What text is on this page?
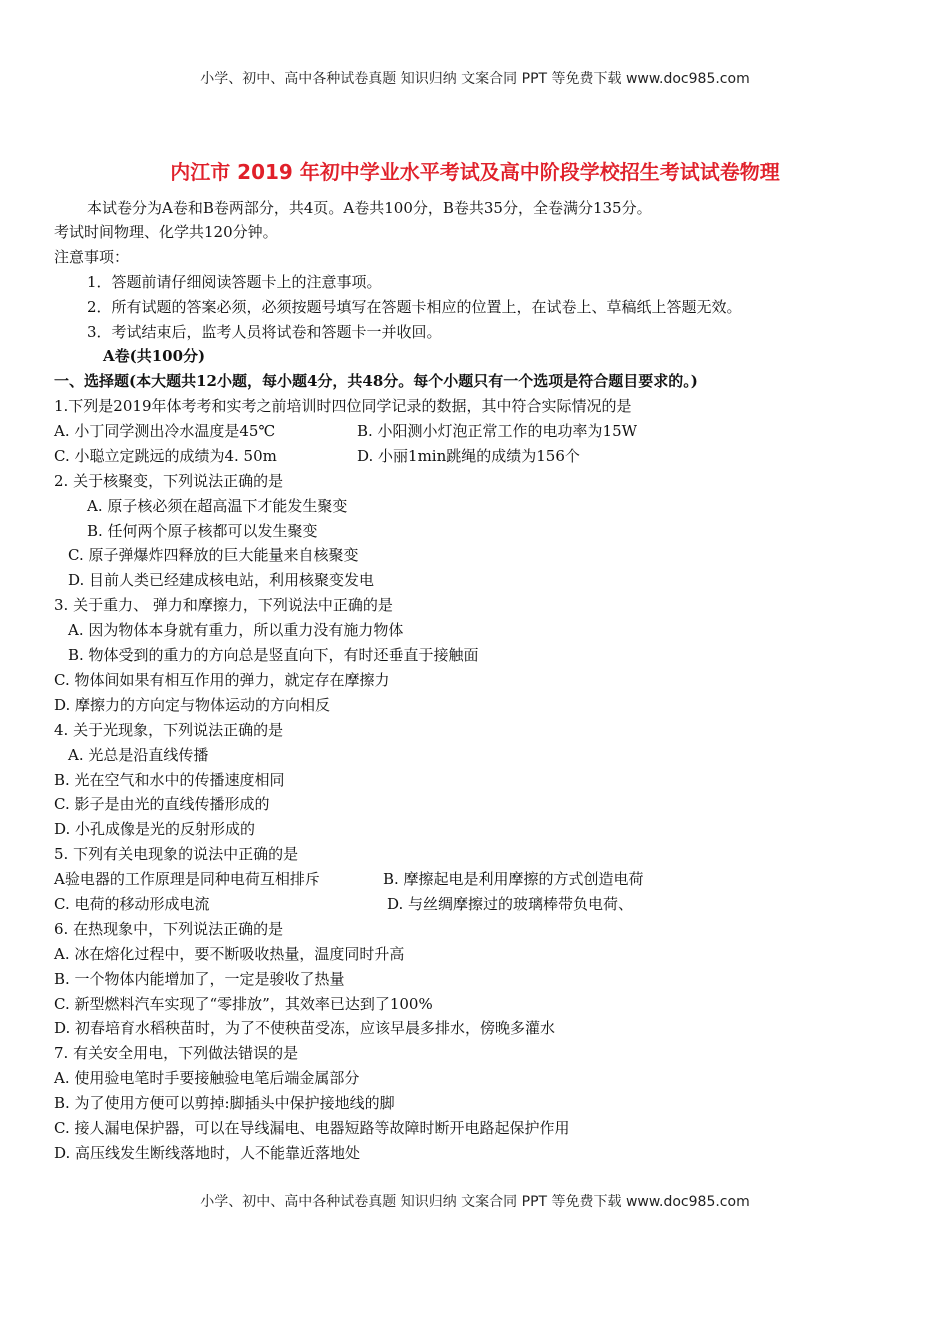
小学、初中、高中各种试卷真题 知识归纳 文案合同 PPT 等免费下载 www.doc985.com
内江市 2019 年初中学业水平考试及高中阶段学校招生考试试卷物理
本试卷分为A卷和B卷两部分，共4页。A卷共100分，B卷共35分，全卷满分135分。
考试时间物理、化学共120分钟。
注意事项：
1．答题前请仔细阅读答题卡上的注意事项。
2．所有试题的答案必须，必须按题号填写在答题卡相应的位置上，在试卷上、草稿纸上答题无效。
3．考试结束后，监考人员将试卷和答题卡一并收回。
A卷(共100分)
一、选择题(本大题共12小题，每小题4分，共48分。每个小题只有一个选项是符合题目要求的。)
1.下列是2019年体考考和实考之前培训时四位同学记录的数据，其中符合实际情况的是
A. 小丁同学测出冷水温度是45℃	B. 小阳测小灯泡正常工作的电功率为15W
C. 小聪立定跳远的成绩为4. 50m	D. 小丽1min跳绳的成绩为156个
2. 关于核聚变，下列说法正确的是
A. 原子核必须在超高温下才能发生聚变
B. 任何两个原子核都可以发生聚变
C. 原子弹爆炸四释放的巨大能量来自核聚变
D. 目前人类已经建成核电站，利用核聚变发电
3. 关于重力、 弹力和摩擦力，下列说法中正确的是
A. 因为物体本身就有重力，所以重力没有施力物体
B. 物体受到的重力的方向总是竖直向下，有时还垂直于接触面
C. 物体间如果有相互作用的弹力，就定存在摩擦力
D. 摩擦力的方向定与物体运动的方向相反
4. 关于光现象，下列说法正确的是
A. 光总是沿直线传播
B. 光在空气和水中的传播速度相同
C. 影子是由光的直线传播形成的
D. 小孔成像是光的反射形成的
5. 下列有关电现象的说法中正确的是
A验电器的工作原理是同种电荷互相排斥	B. 摩擦起电是利用摩擦的方式创造电荷
C. 电荷的移动形成电流	D. 与丝绸摩擦过的玻璃棒带负电荷、
6. 在热现象中，下列说法正确的是
A. 冰在熔化过程中，要不断吸收热量，温度同时升高
B. 一个物体内能增加了，一定是骏收了热量
C. 新型燃料汽车实现了“零排放”，其效率已达到了100%
D. 初春培育水稻秧苗时，为了不使秧苗受冻，应该早晨多排水，傍晚多灌水
7. 有关安全用电，下列做法错误的是
A. 使用验电笔时手要接触验电笔后端金属部分
B. 为了使用方便可以剪掉:脚插头中保护接地线的脚
C. 接人漏电保护器，可以在导线漏电、电器短路等故障时断开电路起保护作用
D. 高压线发生断线落地时，人不能靠近落地处
小学、初中、高中各种试卷真题 知识归纳 文案合同 PPT 等免费下载 www.doc985.com
